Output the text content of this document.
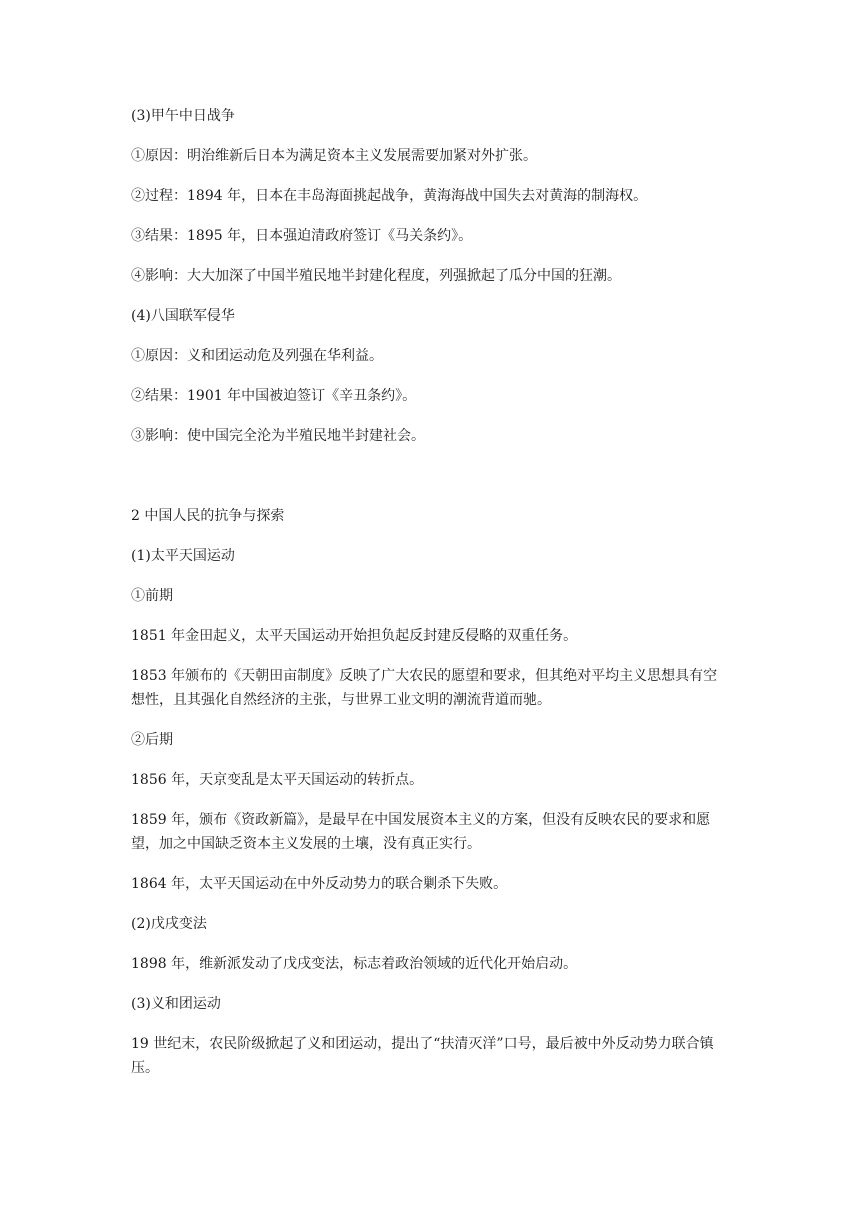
(3)甲午中日战争

①原因：明治维新后日本为满足资本主义发展需要加紧对外扩张。

②过程：1894 年，日本在丰岛海面挑起战争，黄海海战中国失去对黄海的制海权。

③结果：1895 年，日本强迫清政府签订《马关条约》。

④影响：大大加深了中国半殖民地半封建化程度，列强掀起了瓜分中国的狂潮。

(4)八国联军侵华

①原因：义和团运动危及列强在华利益。

②结果：1901 年中国被迫签订《辛丑条约》。

③影响：使中国完全沦为半殖民地半封建社会。

2 中国人民的抗争与探索

(1)太平天国运动

①前期

1851 年金田起义，太平天国运动开始担负起反封建反侵略的双重任务。

1853 年颁布的《天朝田亩制度》反映了广大农民的愿望和要求，但其绝对平均主义思想具有空想性，且其强化自然经济的主张，与世界工业文明的潮流背道而驰。

②后期

1856 年，天京变乱是太平天国运动的转折点。

1859 年，颁布《资政新篇》，是最早在中国发展资本主义的方案，但没有反映农民的要求和愿望，加之中国缺乏资本主义发展的土壤，没有真正实行。

1864 年，太平天国运动在中外反动势力的联合剿杀下失败。

(2)戊戌变法

1898 年，维新派发动了戊戌变法，标志着政治领域的近代化开始启动。

(3)义和团运动

19 世纪末，农民阶级掀起了义和团运动，提出了“扶清灭洋”口号，最后被中外反动势力联合镇压。
